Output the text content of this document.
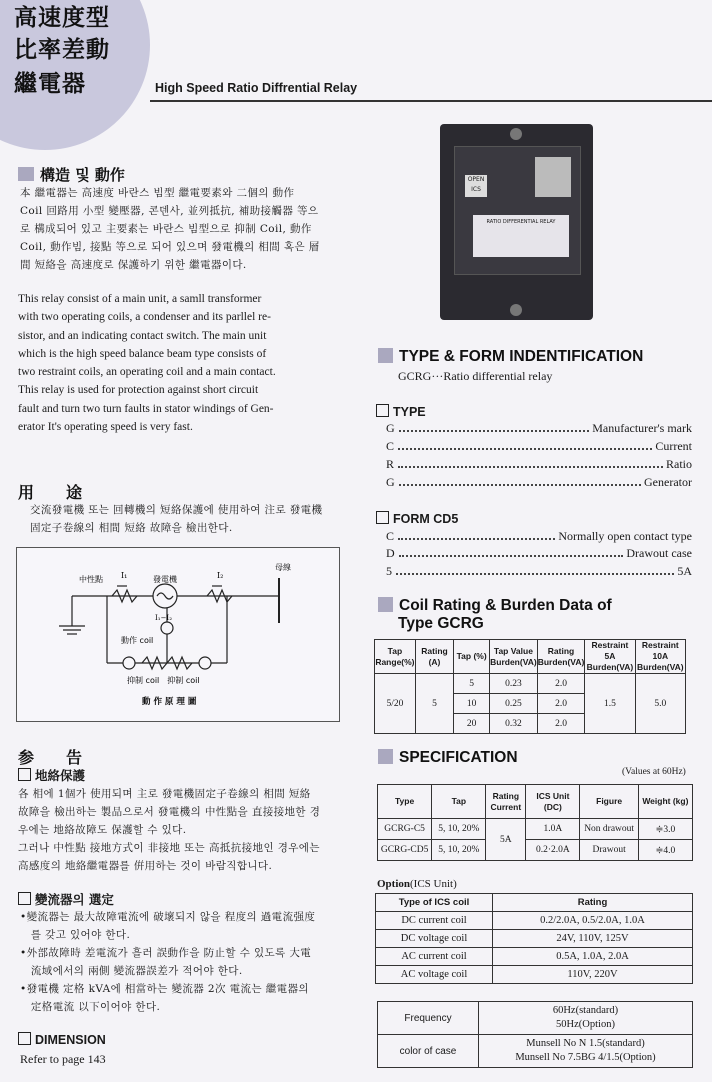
高速度型
比率差動
繼電器	High Speed Ratio Diffrential Relay
構造 및 動作
本 繼電器는 高速度 바란스 빔型 繼電要素와 二個의 動作
Coil 回路用 小型 變壓器, 콘덴사, 並列抵抗, 補助接觸器 等으
로 構成되어 있고 主要素는 바란스 빔型으로 抑制 Coil, 動作
Coil, 動作빔, 接點 等으로 되어 있으며 發電機의 相間 혹은 層
間 短絡을 高速度로 保護하기 위한 繼電器이다.
This relay consist of a main unit, a samll transformer
with two operating coils, a condenser and its parllel re-
sistor, and an indicating contact switch. The main unit
which is the high speed balance beam type consists of
two restraint coils, an operating coil and a main contact.
This relay is used for protection against short circuit
fault and turn two turn faults in stator windings of Gen-
erator It's operating speed is very fast.
用　　途
交流發電機 또는 回轉機의 短絡保護에 使用하여 注로 發電機
固定子卷線의 相間 短絡 故障을 檢出한다.
中性點 I₁	發電機	I₂
母線
I₁−I₂
動作 coil
抑制 coil　抑制 coil
動 作 原 理 圖
参　　告
地絡保護
各 相에 1個가 使用되며 主로 發電機固定子卷線의 相間 短絡
故障을 檢出하는 製品으로서 發電機의 中性點을 直接接地한 경
우에는 地絡故障도 保護할 수 있다.
그러나 中性點 接地方式이 非接地 또는 高抵抗接地인 경우에는
高感度의 地絡繼電器를 倂用하는 것이 바람직합니다.
變流器의 選定
•變流器는 最大故障電流에 破壞되지 않을 程度의 過電流强度
　를 갖고 있어야 한다.
•外部故障時 差電流가 흘러 誤動作을 防止할 수 있도록 大電
　流域에서의 兩側 變流器誤差가 적어야 한다.
•發電機 定格 kVA에 相當하는 變流器 2次 電流는 繼電器의
　定格電流 以下이어야 한다.
DIMENSION
Refer to page 143
OPEN
ICS
RATIO DIFFERENTIAL RELAY
TYPE & FORM INDENTIFICATION
GCRG···Ratio differential relay
TYPE
G	Manufacturer's mark
C	Current
R	Ratio
G	Generator
FORM CD5
C	Normally open contact type
D	Drawout case
5	5A
Coil Rating & Burden Data of
Type GCRG
Tap Range(%)	Rating (A)	Tap (%)	Tap Value Burden(VA)	Rating Burden(VA)	Restraint 5A Burden(VA)	Restraint 10A Burden(VA)
5/20	5	5	0.23	2.0	1.5	5.0
		10	0.25	2.0		
		20	0.32	2.0		
SPECIFICATION
(Values at 60Hz)
Type	Tap	Rating Current	ICS Unit (DC)	Figure	Weight (kg)
GCRG-C5	5, 10, 20%	5A	1.0A	Non drawout	≑3.0
GCRG-CD5	5, 10, 20%		0.2·2.0A	Drawout	≑4.0
Option(ICS Unit)
Type of ICS coil	Rating
DC current coil	0.2/2.0A, 0.5/2.0A, 1.0A
DC voltage coil	24V, 110V, 125V
AC current coil	0.5A, 1.0A, 2.0A
AC voltage coil	110V, 220V
Frequency	60Hz(standard)
50Hz(Option)

color of case	Munsell No N 1.5(standard)
Munsell No 7.5BG 4/1.5(Option)
